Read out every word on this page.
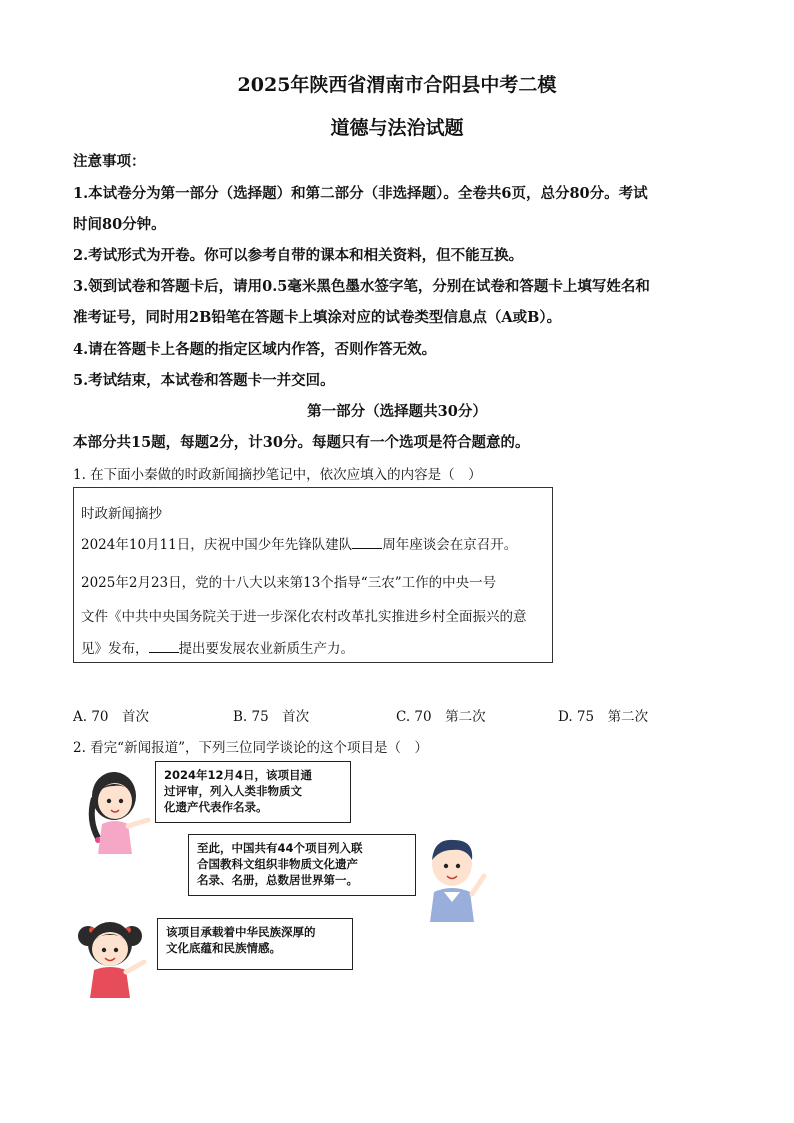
2025年陕西省渭南市合阳县中考二模
道德与法治试题
注意事项：
1.本试卷分为第一部分（选择题）和第二部分（非选择题）。全卷共6页，总分80分。考试
时间80分钟。
2.考试形式为开卷。你可以参考自带的课本和相关资料，但不能互换。
3.领到试卷和答题卡后，请用0.5毫米黑色墨水签字笔，分别在试卷和答题卡上填写姓名和
准考证号，同时用2B铅笔在答题卡上填涂对应的试卷类型信息点（A或B）。
4.请在答题卡上各题的指定区域内作答，否则作答无效。
5.考试结束，本试卷和答题卡一并交回。
第一部分（选择题共30分）
本部分共15题，每题2分，计30分。每题只有一个选项是符合题意的。
1. 在下面小秦做的时政新闻摘抄笔记中，依次应填入的内容是（　）
时政新闻摘抄
2024年10月11日，庆祝中国少年先锋队建队 周年座谈会在京召开。
2025年2月23日，党的十八大以来第13个指导“三农”工作的中央一号
文件《中共中央国务院关于进一步深化农村改革扎实推进乡村全面振兴的意
见》发布， 提出要发展农业新质生产力。
A. 70　首次	B. 75　首次	C. 70　第二次	D. 75　第二次
2. 看完“新闻报道”，下列三位同学谈论的这个项目是（　）
2024年12月4日，该项目通
过评审，列入人类非物质文
化遗产代表作名录。
至此，中国共有44个项目列入联
合国教科文组织非物质文化遗产
名录、名册，总数居世界第一。
该项目承载着中华民族深厚的
文化底蕴和民族情感。
